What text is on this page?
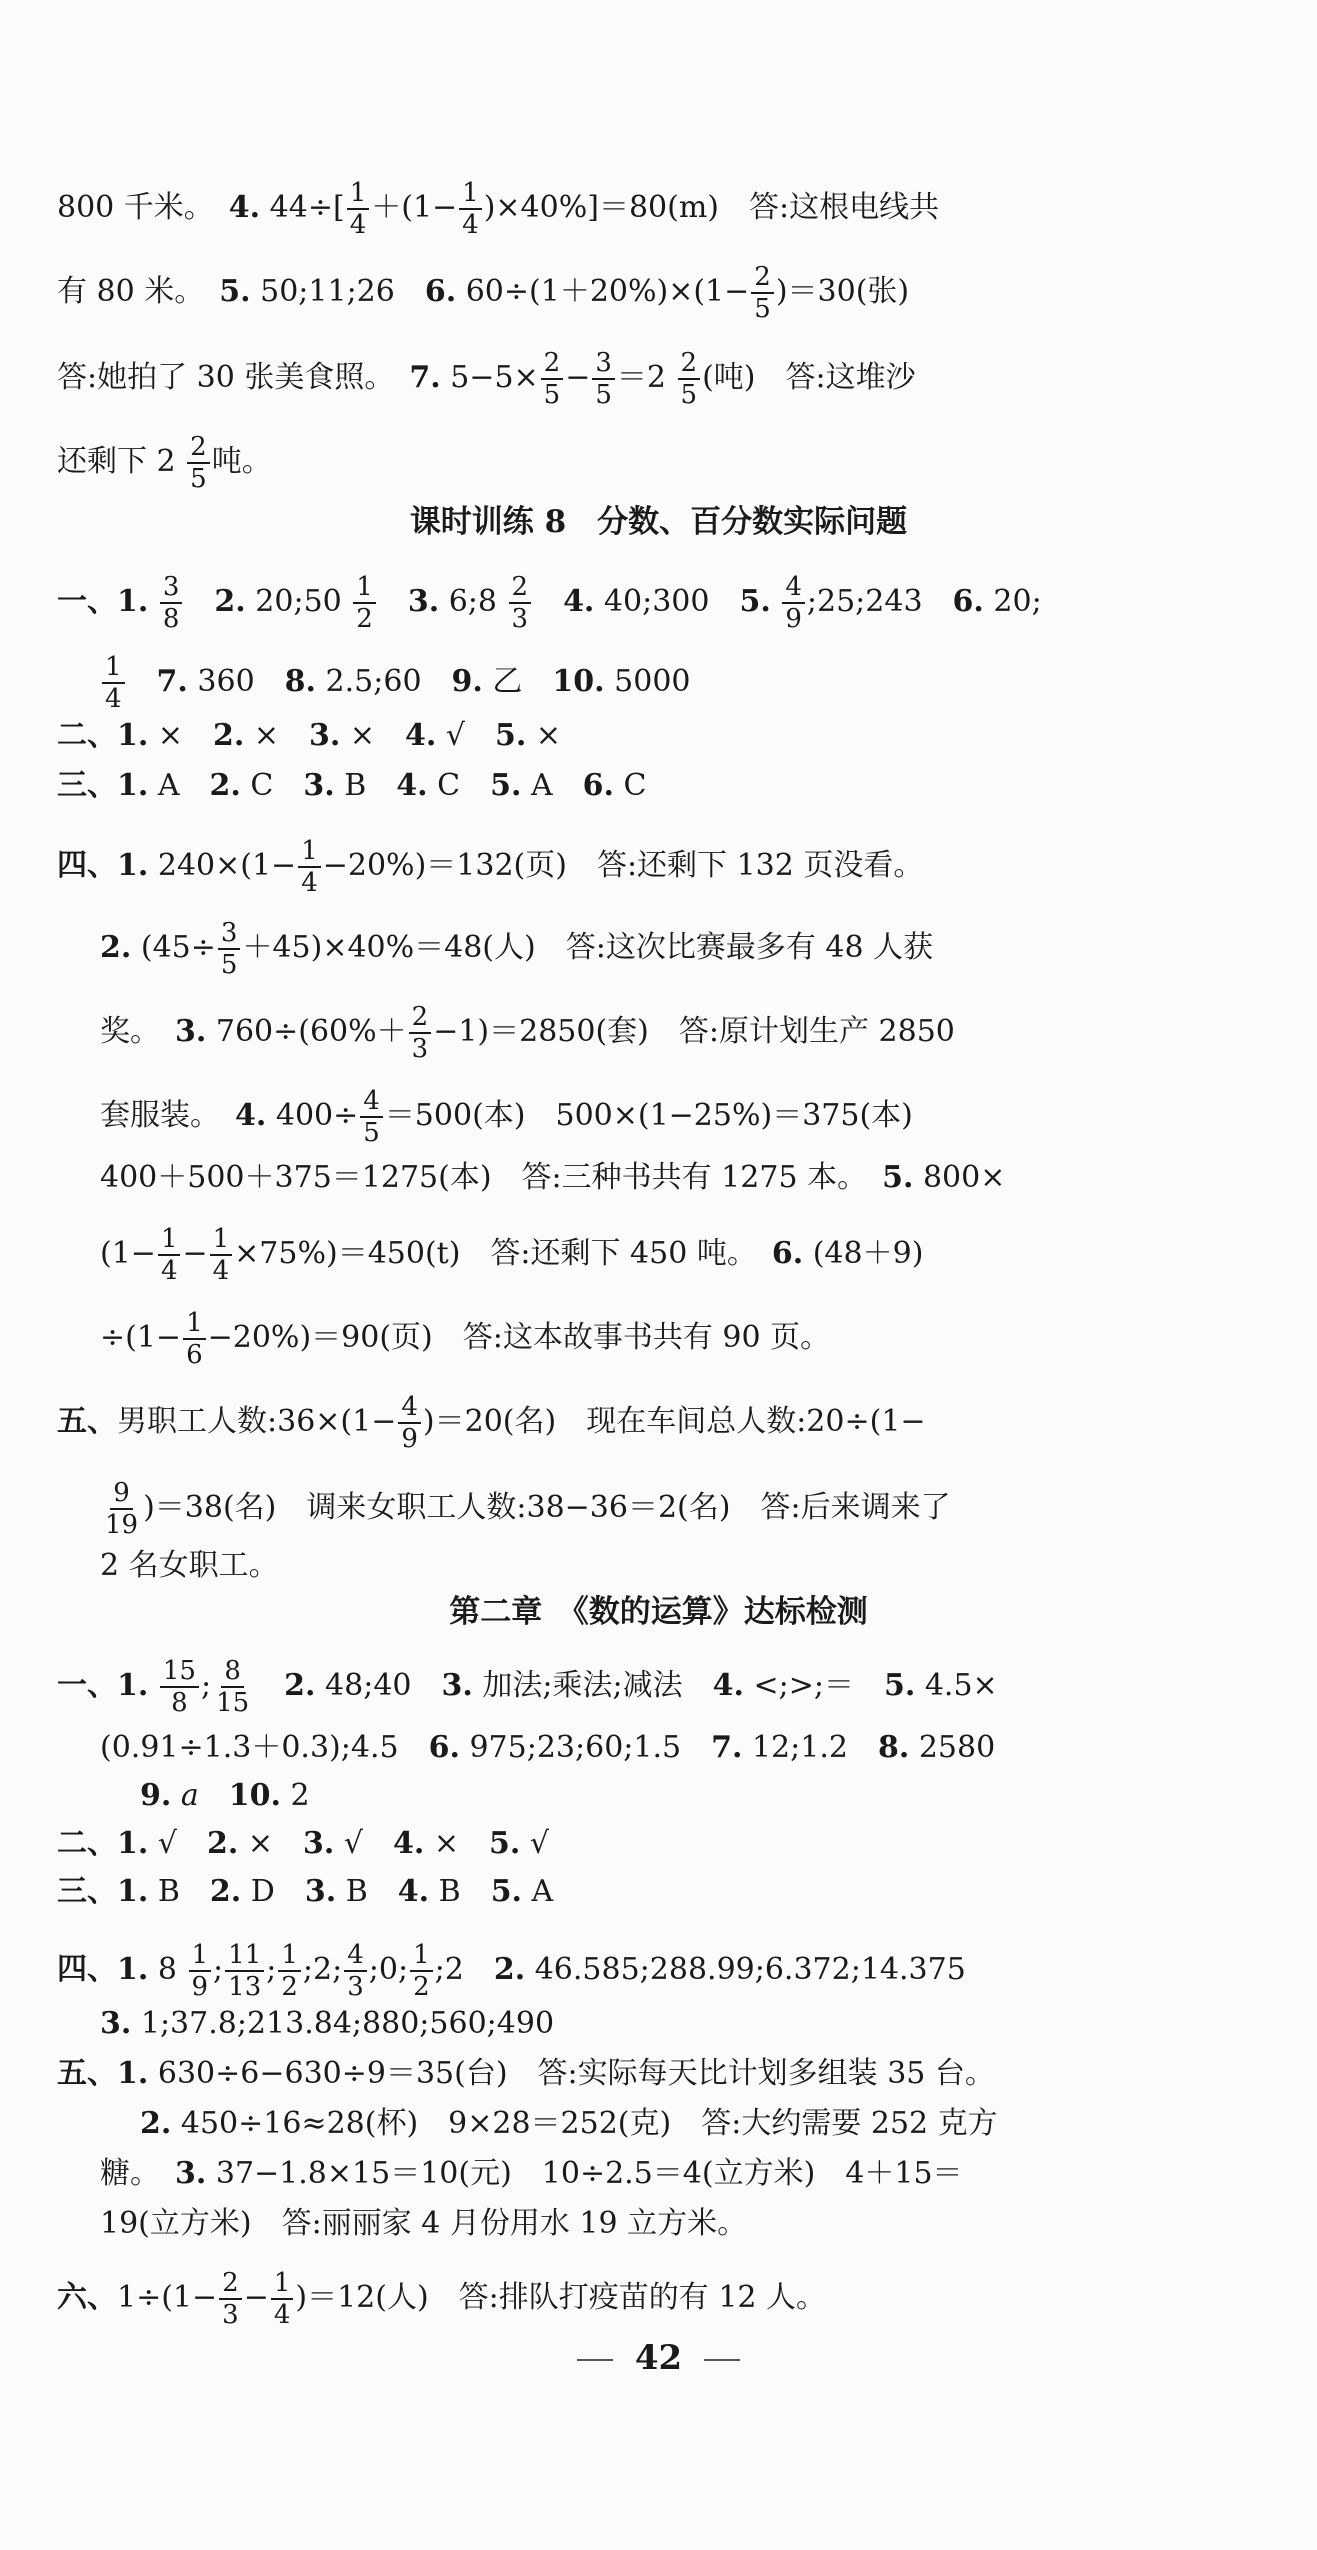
800 千米。　4. $44\div[ \frac{1}{4} +(1- \frac{1}{4} )\times 40\%]=80(m)$　答:这根电线共
有 80 米。　5. 50;11;26　6. $60\div(1+20\%)\times(1- \frac{2}{5} )=30$(张)
答:她拍了 30 张美食照。　7. $5-5\times \frac{2}{5} - \frac{3}{5} =2 \frac{2}{5}$ (吨)　答:这堆沙
还剩下 $2 \frac{2}{5}$ 吨。
课时训练 8　分数、百分数实际问题
一、1. $\frac{3}{8}$
　 2. 20;50 $\frac{1}{2}$
　 3. 6;8 $\frac{2}{3}$
　 4. 40;300　5. $\frac{4}{9}$ ;25;243　6. 20;
$\frac{1}{4}$
　 7. 360　8. 2.5;60　9. 乙　10. 5000
二、1. ×　2. ×　3. ×　4. √　5. ×
三、1. A　2. C　3. B　4. C　5. A　6. C
四、1. $240\times(1- \frac{1}{4} -20\%)=132$(页)　答:还剩下 132 页没看。
2. $(45\div \frac{3}{5} +45)\times 40\%=48$(人)　答:这次比赛最多有 48 人获
奖。　3. $760\div(60\%+ \frac{2}{3} -1)=2850$(套)　答:原计划生产 2850
套服装。　4. $400\div \frac{4}{5} =500$(本)　500×(1−25%)＝375(本)
400＋500＋375＝1275(本)　答:三种书共有 1275 本。　5. 800×
$(1- \frac{1}{4} - \frac{1}{4} \times 75\%)=450(t)$　答:还剩下 450 吨。　6. (48＋9)
$\div(1- \frac{1}{6} -20\%)=90$(页)　答:这本故事书共有 90 页。
五、男职工人数:36×(1− $\frac{4}{9} )=20$(名)　现在车间总人数:20÷(1−
$\frac{9}{19} )=38$(名)　调来女职工人数:38−36＝2(名)　答:后来调来了
2 名女职工。
第二章　《数的运算》达标检测
一、1. $\frac{15}{8}$ ; $\frac{8}{15}$
　 2. 48;40　3. 加法;乘法;减法　4. <;>;＝　5. 4.5×
(0.91÷1.3＋0.3);4.5　6. 975;23;60;1.5　7. 12;1.2　8. 2580
9. a　 10. 2
二、1. √　2. ×　3. √　4. ×　5. √
三、1. B　2. D　3. B　4. B　5. A
四、1. $8 \frac{1}{9}$ ; $\frac{11}{13}$ ; $\frac{1}{2}$ ;2; $\frac{4}{3}$ ;0; $\frac{1}{2}$ ;2　2. 46.585;288.99;6.372;14.375
3. 1;37.8;213.84;880;560;490
五、1. 630÷6−630÷9＝35(台)　答:实际每天比计划多组装 35 台。
2. 450÷16≈28(杯)　9×28＝252(克)　答:大约需要 252 克方
糖。　3. 37−1.8×15＝10(元)　10÷2.5＝4(立方米)　4＋15＝
19(立方米)　答:丽丽家 4 月份用水 19 立方米。
六、$1\div(1- \frac{2}{3} - \frac{1}{4} )=12$(人)　答:排队打疫苗的有 12 人。
42
